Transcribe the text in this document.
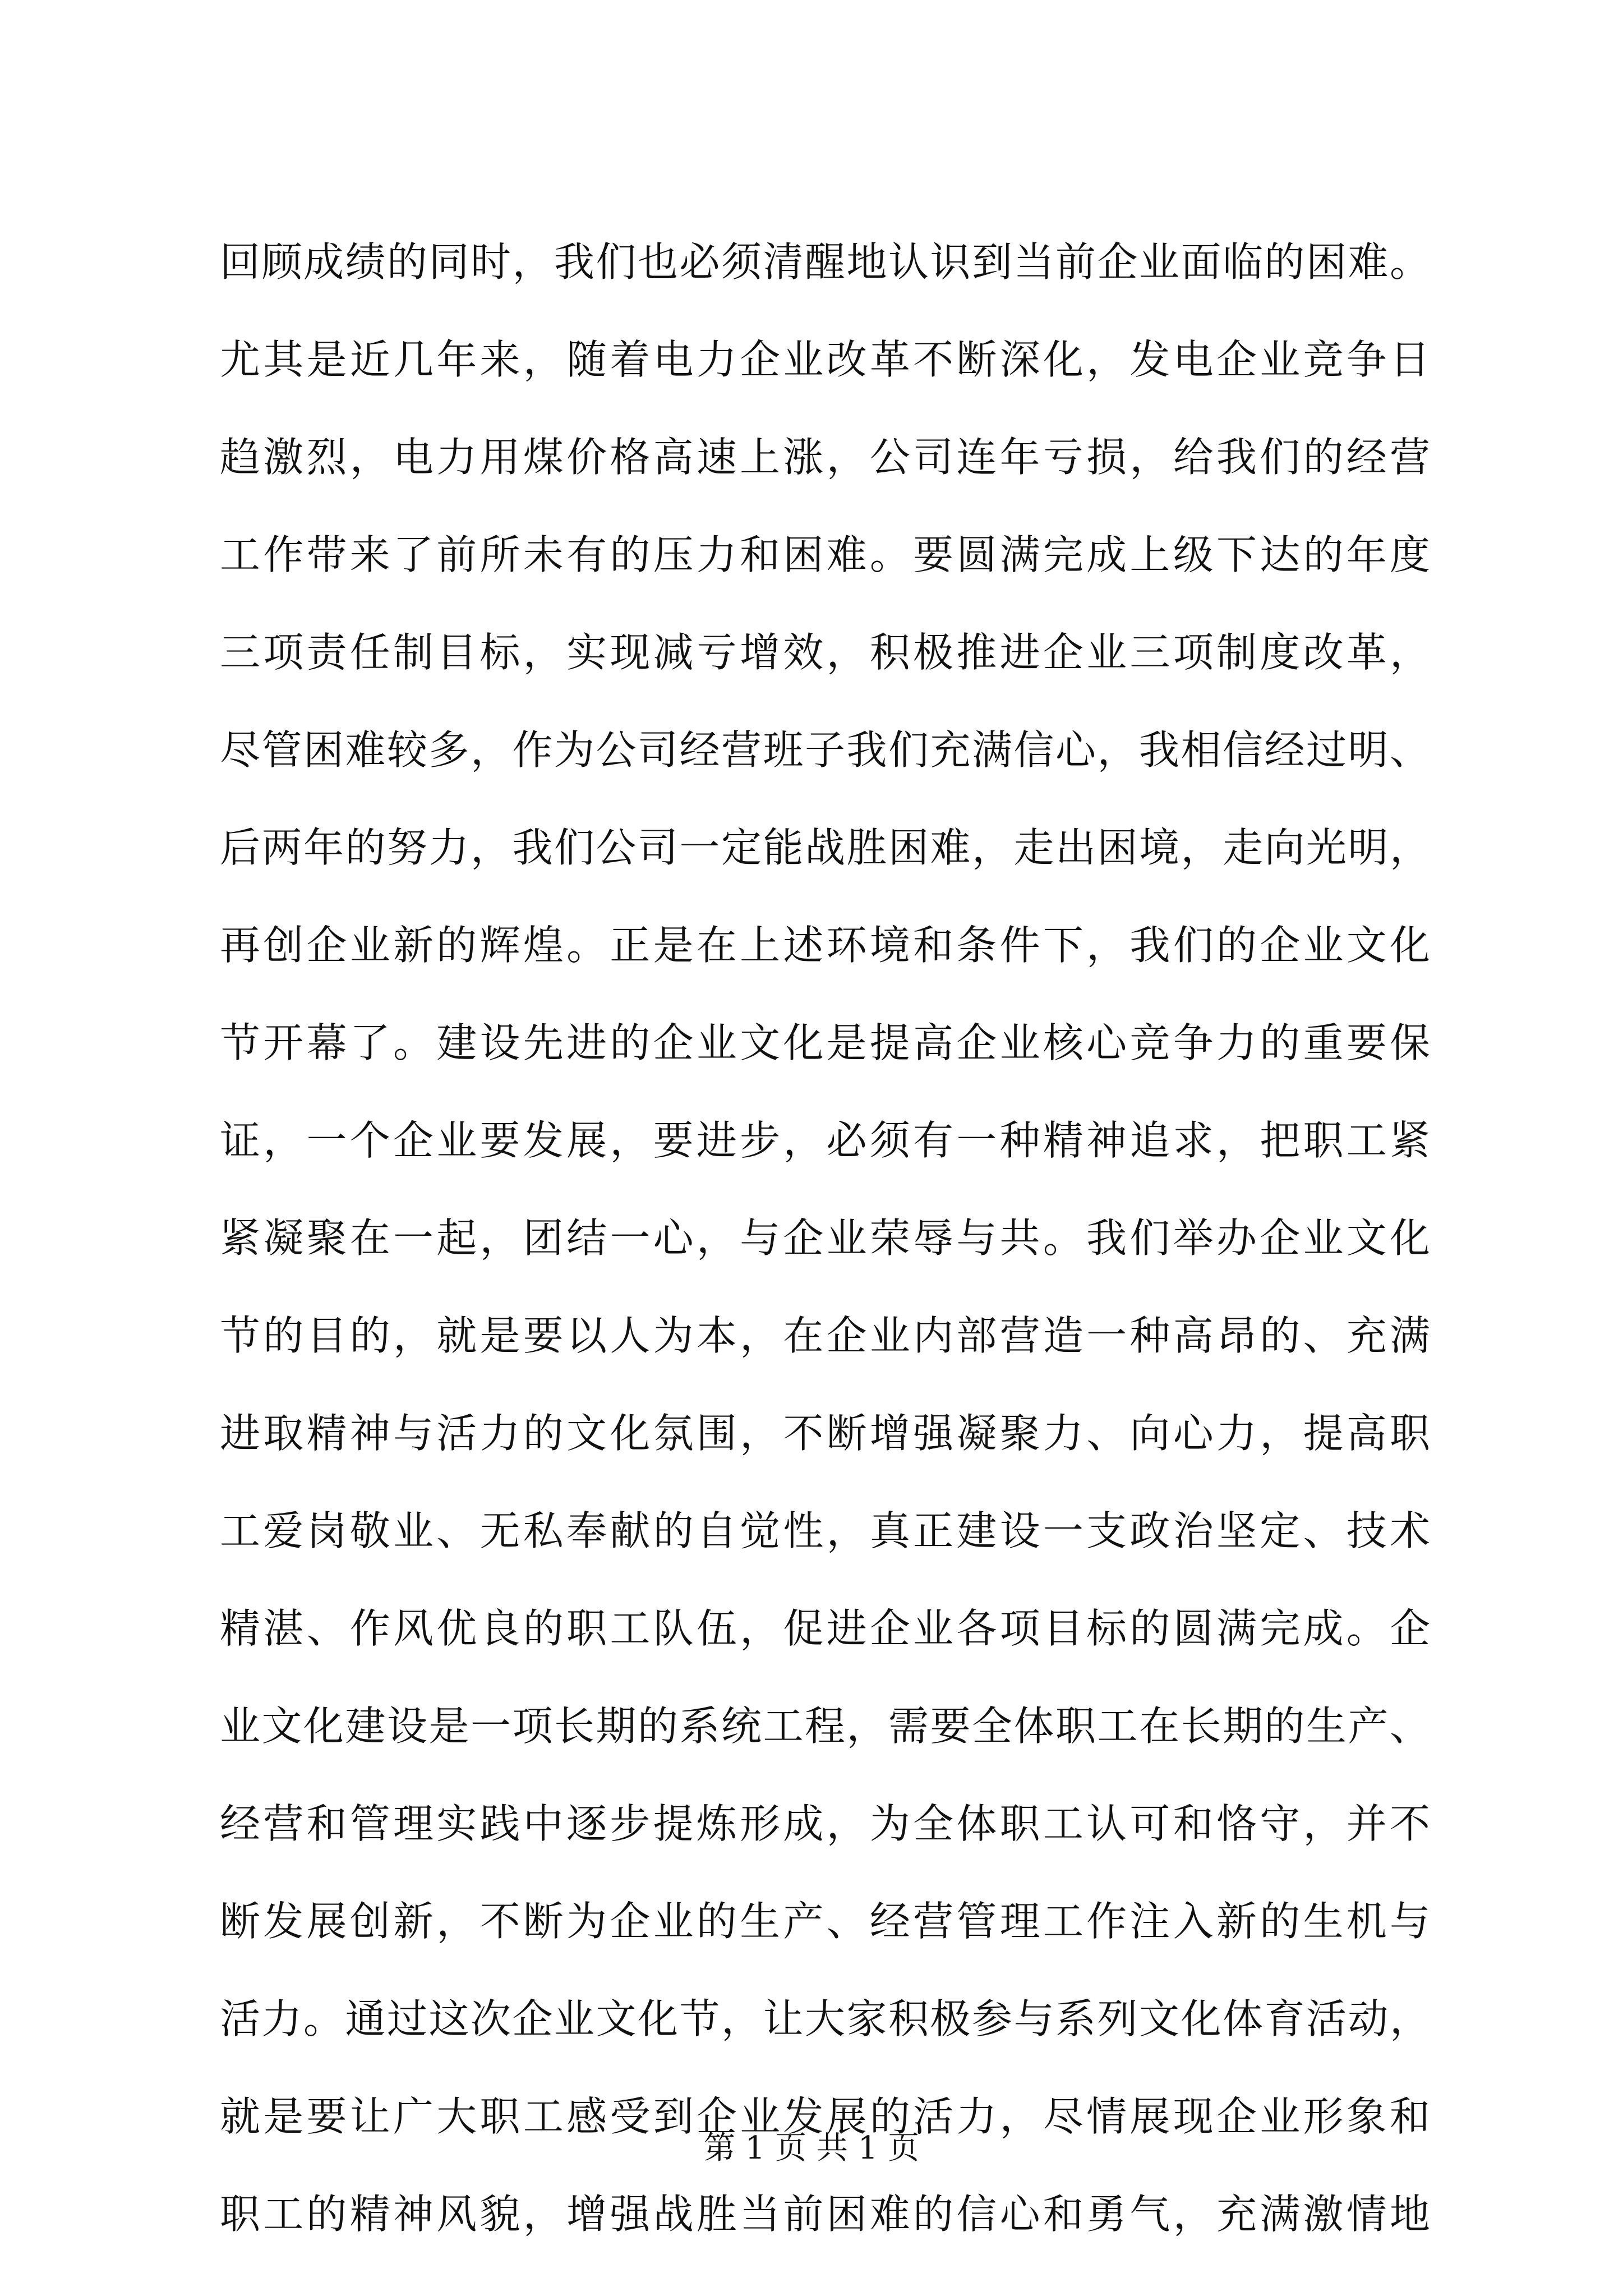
回顾成绩的同时，我们也必须清醒地认识到当前企业面临的困难。
尤其是近几年来，随着电力企业改革不断深化，发电企业竞争日
趋激烈，电力用煤价格高速上涨，公司连年亏损，给我们的经营
工作带来了前所未有的压力和困难。要圆满完成上级下达的年度
三项责任制目标，实现减亏增效，积极推进企业三项制度改革，
尽管困难较多，作为公司经营班子我们充满信心，我相信经过明、
后两年的努力，我们公司一定能战胜困难，走出困境，走向光明，
再创企业新的辉煌。正是在上述环境和条件下，我们的企业文化
节开幕了。建设先进的企业文化是提高企业核心竞争力的重要保
证，一个企业要发展，要进步，必须有一种精神追求，把职工紧
紧凝聚在一起，团结一心，与企业荣辱与共。我们举办企业文化
节的目的，就是要以人为本，在企业内部营造一种高昂的、充满
进取精神与活力的文化氛围，不断增强凝聚力、向心力，提高职
工爱岗敬业、无私奉献的自觉性，真正建设一支政治坚定、技术
精湛、作风优良的职工队伍，促进企业各项目标的圆满完成。企
业文化建设是一项长期的系统工程，需要全体职工在长期的生产、
经营和管理实践中逐步提炼形成，为全体职工认可和恪守，并不
断发展创新，不断为企业的生产、经营管理工作注入新的生机与
活力。通过这次企业文化节，让大家积极参与系列文化体育活动，
就是要让广大职工感受到企业发展的活力，尽情展现企业形象和
职工的精神风貌，增强战胜当前困难的信心和勇气，充满激情地
第 1 页 共 1 页
